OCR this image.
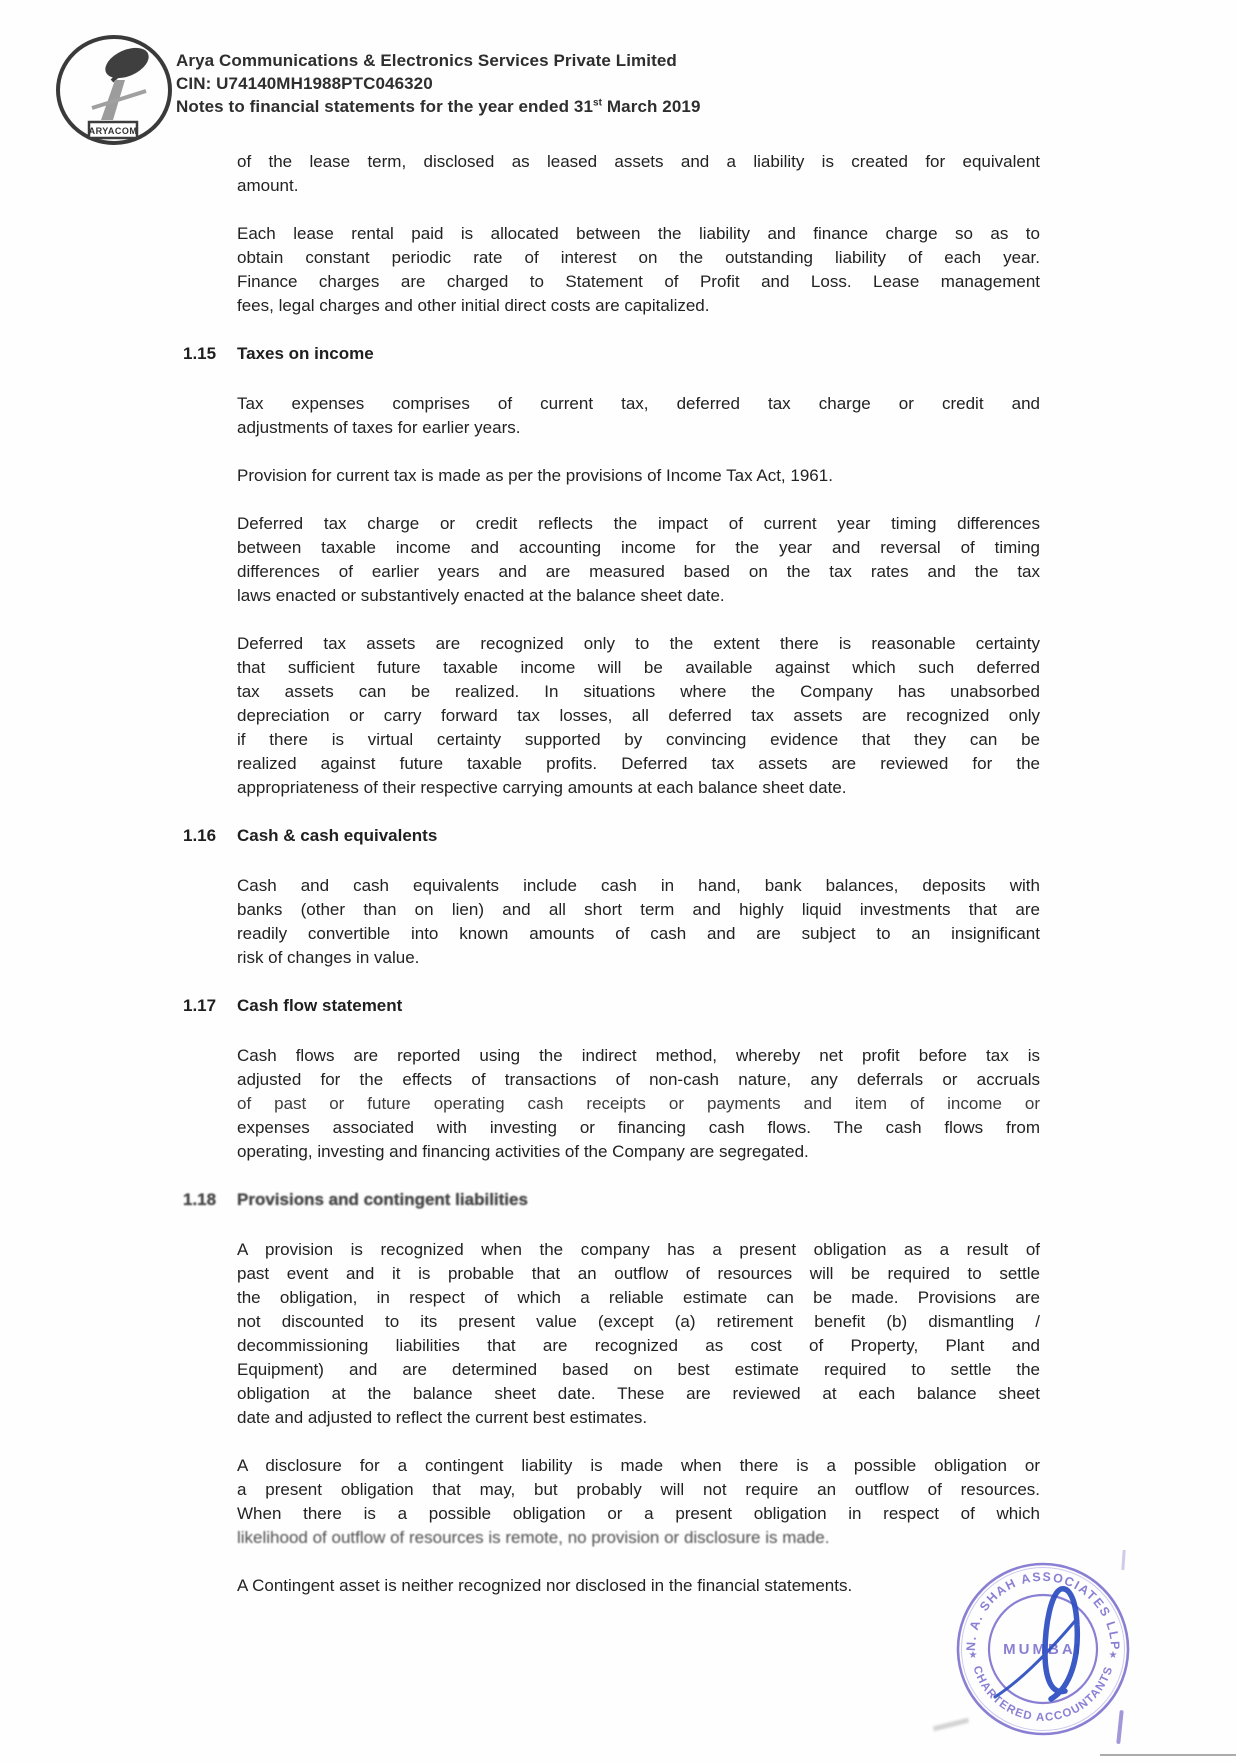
ARYACOM
Arya Communications & Electronics Services Private Limited
CIN: U74140MH1988PTC046320
Notes to financial statements for the year ended 31st March 2019
of the lease term, disclosed as leased assets and a liability is created for equivalent
amount.
Each lease rental paid is allocated between the liability and finance charge so as to
obtain constant periodic rate of interest on the outstanding liability of each year.
Finance charges are charged to Statement of Profit and Loss. Lease management
fees, legal charges and other initial direct costs are capitalized.
1.15 Taxes on income
Tax expenses comprises of current tax, deferred tax charge or credit and
adjustments of taxes for earlier years.
Provision for current tax is made as per the provisions of Income Tax Act, 1961.
Deferred tax charge or credit reflects the impact of current year timing differences
between taxable income and accounting income for the year and reversal of timing
differences of earlier years and are measured based on the tax rates and the tax
laws enacted or substantively enacted at the balance sheet date.
Deferred tax assets are recognized only to the extent there is reasonable certainty
that sufficient future taxable income will be available against which such deferred
tax assets can be realized. In situations where the Company has unabsorbed
depreciation or carry forward tax losses, all deferred tax assets are recognized only
if there is virtual certainty supported by convincing evidence that they can be
realized against future taxable profits. Deferred tax assets are reviewed for the
appropriateness of their respective carrying amounts at each balance sheet date.
1.16 Cash & cash equivalents
Cash and cash equivalents include cash in hand, bank balances, deposits with
banks (other than on lien) and all short term and highly liquid investments that are
readily convertible into known amounts of cash and are subject to an insignificant
risk of changes in value.
1.17 Cash flow statement
Cash flows are reported using the indirect method, whereby net profit before tax is
adjusted for the effects of transactions of non-cash nature, any deferrals or accruals
of past or future operating cash receipts or payments and item of income or
expenses associated with investing or financing cash flows. The cash flows from
operating, investing and financing activities of the Company are segregated.
1.18 Provisions and contingent liabilities
A provision is recognized when the company has a present obligation as a result of
past event and it is probable that an outflow of resources will be required to settle
the obligation, in respect of which a reliable estimate can be made. Provisions are
not discounted to its present value (except (a) retirement benefit (b) dismantling /
decommissioning liabilities that are recognized as cost of Property, Plant and
Equipment) and are determined based on best estimate required to settle the
obligation at the balance sheet date. These are reviewed at each balance sheet
date and adjusted to reflect the current best estimates.
A disclosure for a contingent liability is made when there is a possible obligation or
a present obligation that may, but probably will not require an outflow of resources.
When there is a possible obligation or a present obligation in respect of which
likelihood of outflow of resources is remote, no provision or disclosure is made.
A Contingent asset is neither recognized nor disclosed in the financial statements.
N. A. SHAH ASSOCIATES LLP
CHARTERED ACCOUNTANTS
★	★
MUMBAI
